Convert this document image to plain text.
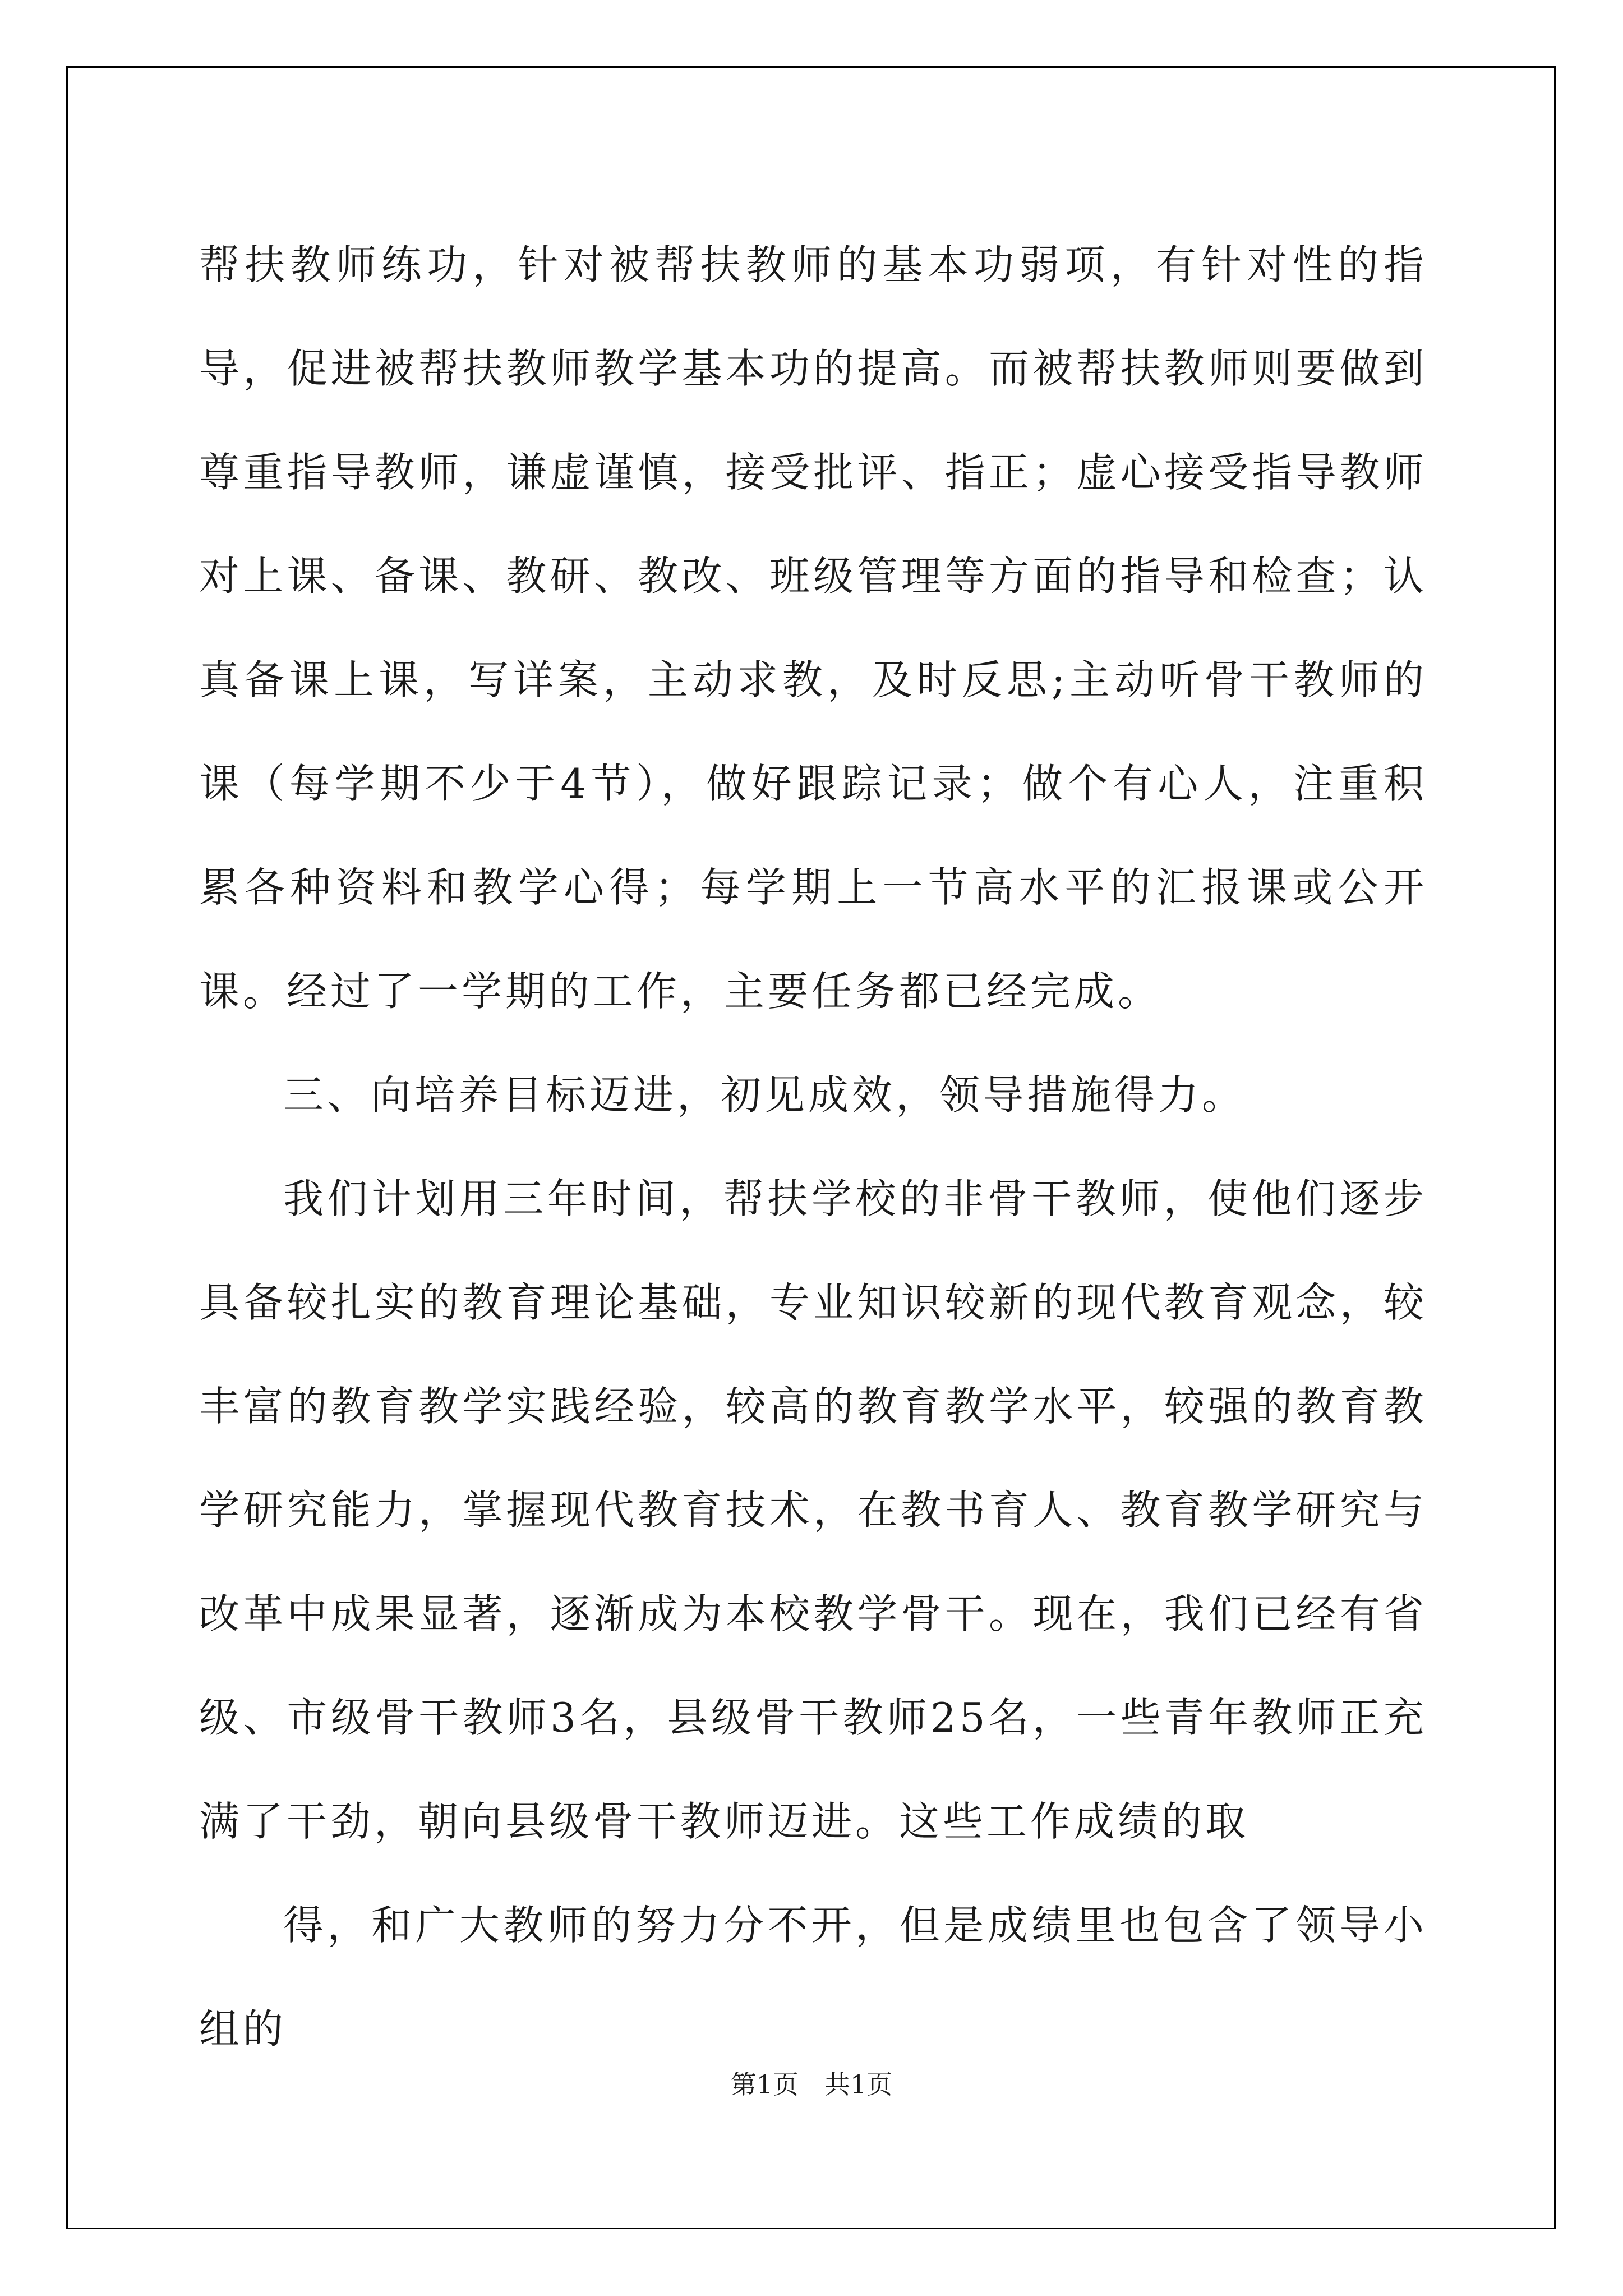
帮扶教师练功，针对被帮扶教师的基本功弱项，有针对性的指导，促进被帮扶教师教学基本功的提高。而被帮扶教师则要做到尊重指导教师，谦虚谨慎，接受批评、指正；虚心接受指导教师对上课、备课、教研、教改、班级管理等方面的指导和检查；认真备课上课，写详案，主动求教，及时反思;主动听骨干教师的课（每学期不少于4节），做好跟踪记录；做个有心人，注重积累各种资料和教学心得；每学期上一节高水平的汇报课或公开课。经过了一学期的工作，主要任务都已经完成。

三、向培养目标迈进，初见成效，领导措施得力。

我们计划用三年时间，帮扶学校的非骨干教师，使他们逐步具备较扎实的教育理论基础，专业知识较新的现代教育观念，较丰富的教育教学实践经验，较高的教育教学水平，较强的教育教学研究能力，掌握现代教育技术，在教书育人、教育教学研究与改革中成果显著，逐渐成为本校教学骨干。现在，我们已经有省级、市级骨干教师3名，县级骨干教师25名，一些青年教师正充满了干劲，朝向县级骨干教师迈进。这些工作成绩的取

得，和广大教师的努力分不开，但是成绩里也包含了领导小组的

第1页　共1页
